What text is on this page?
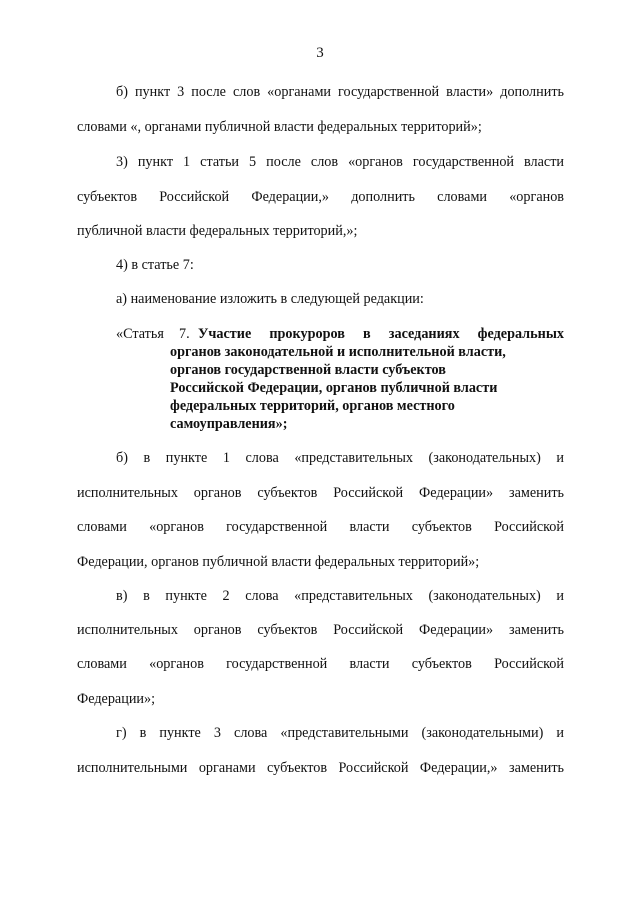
3
б) пункт 3 после слов «органами государственной власти» дополнить
словами «, органами публичной власти федеральных территорий»;
3) пункт 1 статьи 5 после слов «органов государственной власти
субъектов Российской Федерации,» дополнить словами «органов
публичной власти федеральных территорий,»;
4) в статье 7:
а) наименование изложить в следующей редакции:
«Статья 7. Участие прокуроров в заседаниях федеральных
органов законодательной и исполнительной власти,
органов государственной власти субъектов
Российской Федерации, органов публичной власти
федеральных территорий, органов местного
самоуправления»;
б) в пункте 1 слова «представительных (законодательных) и
исполнительных органов субъектов Российской Федерации» заменить
словами «органов государственной власти субъектов Российской
Федерации, органов публичной власти федеральных территорий»;
в) в пункте 2 слова «представительных (законодательных) и
исполнительных органов субъектов Российской Федерации» заменить
словами «органов государственной власти субъектов Российской
Федерации»;
г) в пункте 3 слова «представительными (законодательными) и
исполнительными органами субъектов Российской Федерации,» заменить
